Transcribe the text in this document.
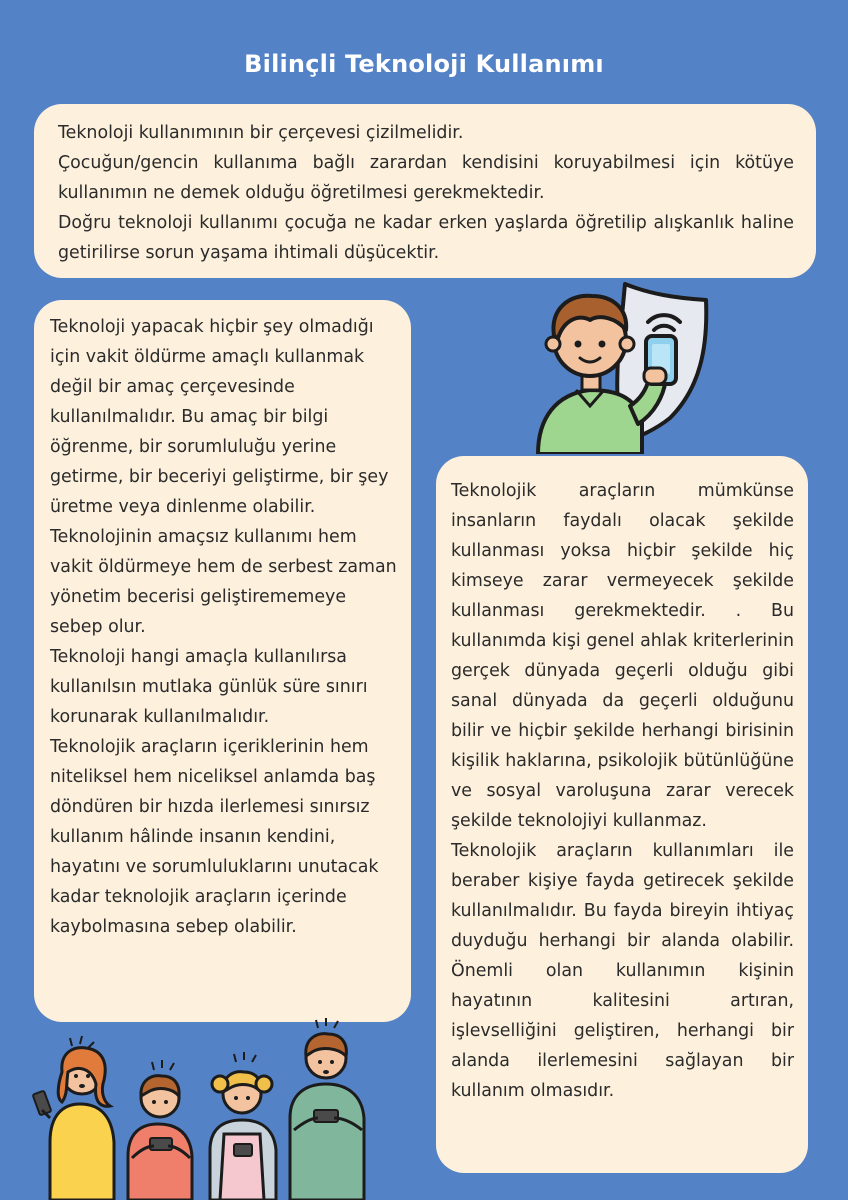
Bilinçli Teknoloji Kullanımı

Teknoloji kullanımının bir çerçevesi çizilmelidir.

Çocuğun/gencin kullanıma bağlı zarardan kendisini koruyabilmesi için kötüye kullanımın ne demek olduğu öğretilmesi gerekmektedir.

Doğru teknoloji kullanımı çocuğa ne kadar erken yaşlarda öğretilip alışkanlık haline getirilirse sorun yaşama ihtimali düşücektir.

Teknoloji yapacak hiçbir şey olmadığı için vakit öldürme amaçlı kullanmak değil bir amaç çerçevesinde kullanılmalıdır. Bu amaç bir bilgi öğrenme, bir sorumluluğu yerine getirme, bir beceriyi geliştirme, bir şey üretme veya dinlenme olabilir. Teknolojinin amaçsız kullanımı hem vakit öldürmeye hem de serbest zaman yönetim becerisi geliştirememeye sebep olur.

Teknoloji hangi amaçla kullanılırsa kullanılsın mutlaka günlük süre sınırı korunarak kullanılmalıdır.

Teknolojik araçların içeriklerinin hem niteliksel hem niceliksel anlamda baş döndüren bir hızda ilerlemesi sınırsız kullanım hâlinde insanın kendini, hayatını ve sorumluluklarını unutacak kadar teknolojik araçların içerinde kaybolmasına sebep olabilir.

Teknolojik araçların mümkünse insanların faydalı olacak şekilde kullanması yoksa hiçbir şekilde hiç kimseye zarar vermeyecek şekilde kullanması gerekmektedir. . Bu kullanımda kişi genel ahlak kriterlerinin gerçek dünyada geçerli olduğu gibi sanal dünyada da geçerli olduğunu bilir ve hiçbir şekilde herhangi birisinin kişilik haklarına, psikolojik bütünlüğüne ve sosyal varoluşuna zarar verecek şekilde teknolojiyi kullanmaz.

Teknolojik araçların kullanımları ile beraber kişiye fayda getirecek şekilde kullanılmalıdır. Bu fayda bireyin ihtiyaç duyduğu herhangi bir alanda olabilir. Önemli olan kullanımın kişinin hayatının kalitesini artıran, işlevselliğini geliştiren, herhangi bir alanda ilerlemesini sağlayan bir kullanım olmasıdır.
